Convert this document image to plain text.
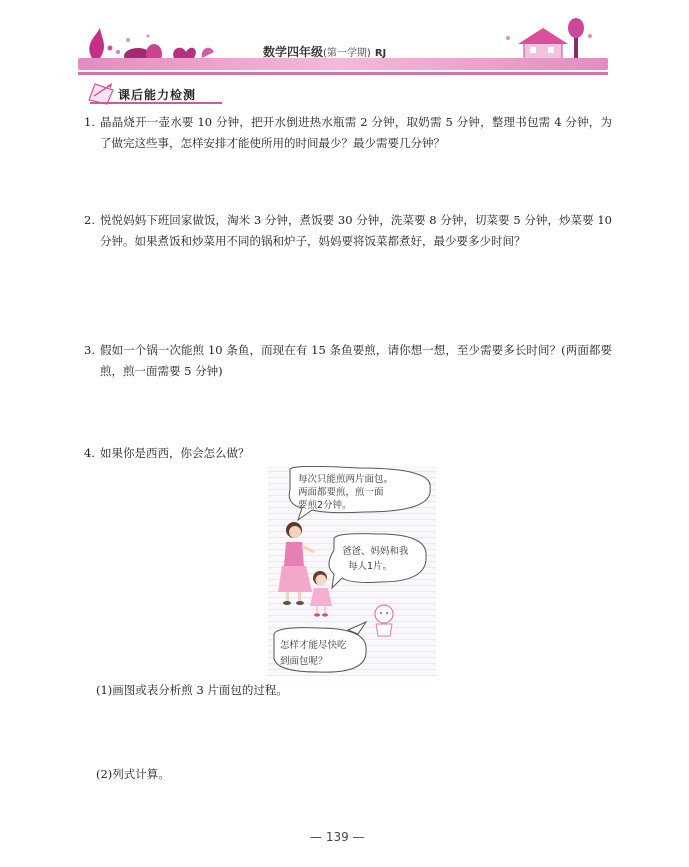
数学四年级(第一学期) RJ
课后能力检测
1. 晶晶烧开一壶水要 10 分钟，把开水倒进热水瓶需 2 分钟，取奶需 5 分钟，整理书包需 4 分钟，为了做完这些事，怎样安排才能使所用的时间最少？最少需要几分钟？
2. 悦悦妈妈下班回家做饭，淘米 3 分钟，煮饭要 30 分钟，洗菜要 8 分钟，切菜要 5 分钟，炒菜要 10 分钟。如果煮饭和炒菜用不同的锅和炉子，妈妈要将饭菜都煮好，最少要多少时间？
3. 假如一个锅一次能煎 10 条鱼，而现在有 15 条鱼要煎，请你想一想，至少需要多长时间？(两面都要煎，煎一面需要 5 分钟)
4. 如果你是西西，你会怎么做？
每次只能煎两片面包。
两面都要煎，煎一面
要煎2分钟。
爸爸、妈妈和我
每人1片。
怎样才能尽快吃
到面包呢？
(1)画图或表分析煎 3 片面包的过程。
(2)列式计算。
— 139 —
